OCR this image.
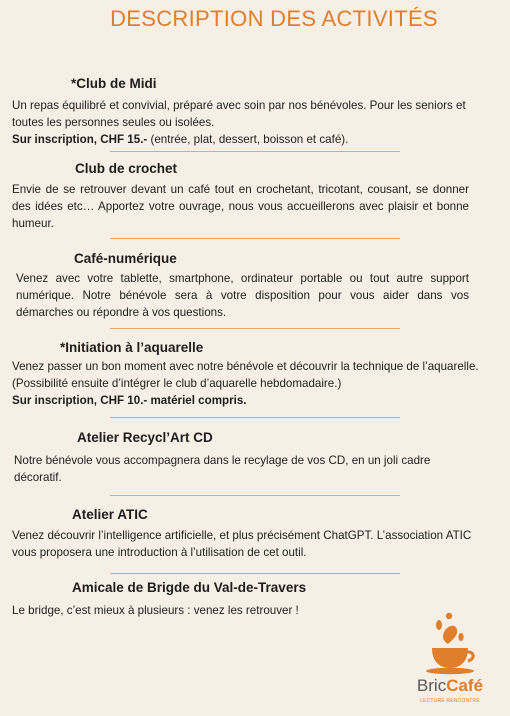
DESCRIPTION DES ACTIVITÉS
*Club de Midi
Un repas équilibré et convivial, préparé avec soin par nos bénévoles. Pour les seniors et toutes les personnes seules ou isolées.
Sur inscription, CHF 15.- (entrée, plat, dessert, boisson et café).
Club de crochet
Envie de se retrouver devant un café tout en crochetant, tricotant, cousant, se donner des idées etc… Apportez votre ouvrage, nous vous accueillerons avec plaisir et bonne humeur.
Café-numérique
Venez avec votre tablette, smartphone, ordinateur portable ou tout autre support numérique. Notre bénévole sera à votre disposition pour vous aider dans vos démarches ou répondre à vos questions.
*Initiation à l’aquarelle
Venez passer un bon moment avec notre bénévole et découvrir la technique de l’aquarelle. (Possibilité ensuite d’intégrer le club d’aquarelle hebdomadaire.)
Sur inscription, CHF 10.- matériel compris.
Atelier Recycl’Art CD
Notre bénévole vous accompagnera dans le recylage de vos CD, en un joli cadre décoratif.
Atelier ATIC
Venez découvrir l’intelligence artificielle, et plus précisément ChatGPT. L’association ATIC vous proposera une introduction à l’utilisation de cet outil.
Amicale de Brigde du Val-de-Travers
Le bridge, c’est mieux à plusieurs : venez les retrouver !
BricCafé
LECTURE RENCONTRE
